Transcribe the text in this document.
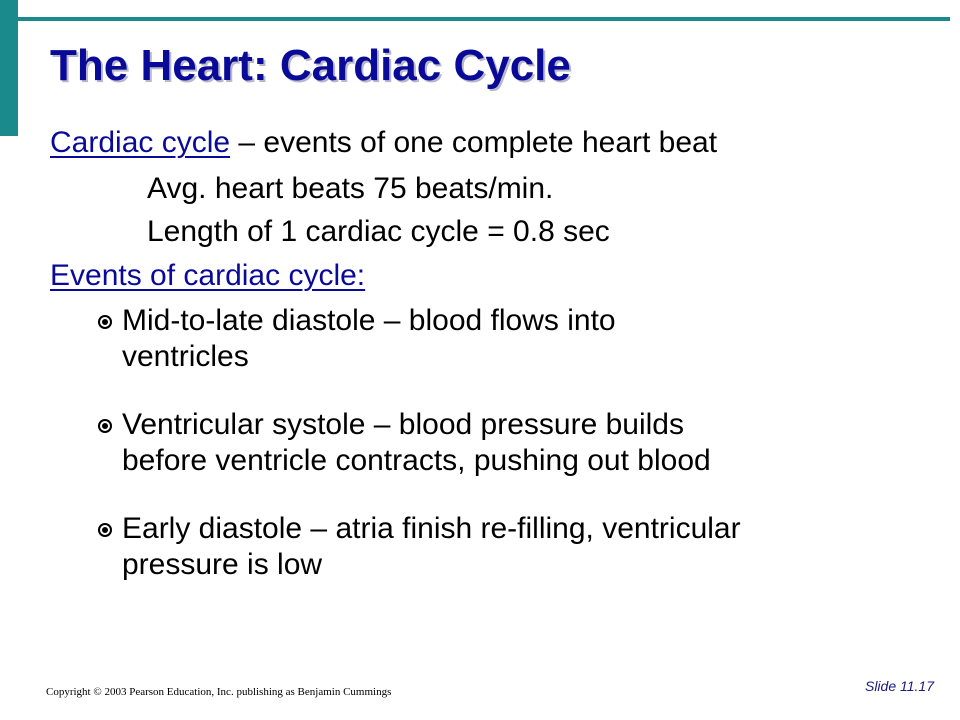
The Heart: Cardiac Cycle
Cardiac cycle – events of one complete heart beat
Avg. heart beats 75 beats/min.
Length of 1 cardiac cycle = 0.8 sec
Events of cardiac cycle:
Mid-to-late diastole – blood flows into
ventricles
Ventricular systole – blood pressure builds
before ventricle contracts, pushing out blood
Early diastole – atria finish re-filling, ventricular
pressure is low
Copyright © 2003 Pearson Education, Inc. publishing as Benjamin Cummings	Slide 11.17
